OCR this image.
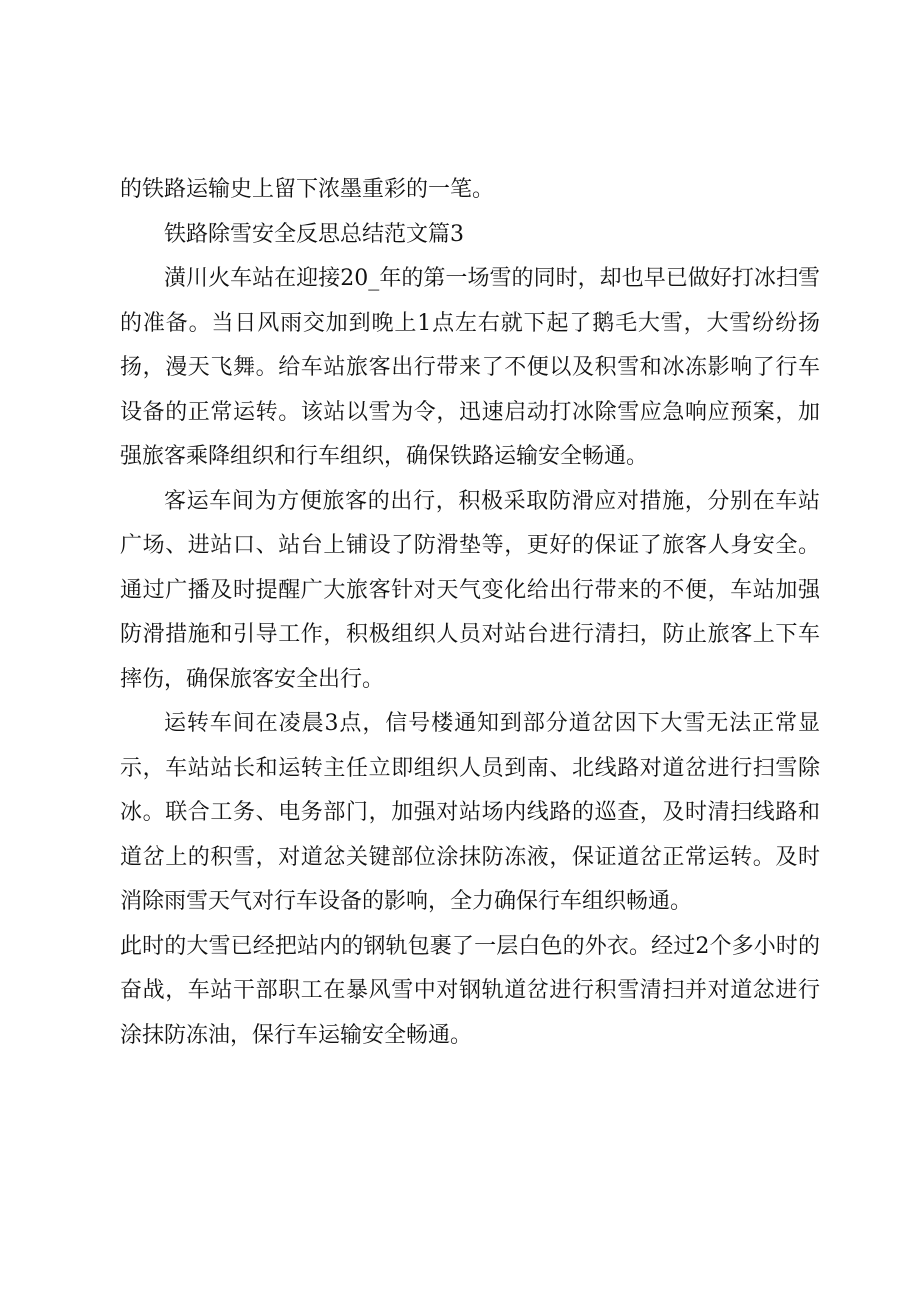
的铁路运输史上留下浓墨重彩的一笔。

铁路除雪安全反思总结范文篇3

潢川火车站在迎接20_年的第一场雪的同时，却也早已做好打冰扫雪的准备。当日风雨交加到晚上1点左右就下起了鹅毛大雪，大雪纷纷扬扬，漫天飞舞。给车站旅客出行带来了不便以及积雪和冰冻影响了行车设备的正常运转。该站以雪为令，迅速启动打冰除雪应急响应预案，加强旅客乘降组织和行车组织，确保铁路运输安全畅通。

客运车间为方便旅客的出行，积极采取防滑应对措施，分别在车站广场、进站口、站台上铺设了防滑垫等，更好的保证了旅客人身安全。通过广播及时提醒广大旅客针对天气变化给出行带来的不便，车站加强防滑措施和引导工作，积极组织人员对站台进行清扫，防止旅客上下车摔伤，确保旅客安全出行。

运转车间在凌晨3点，信号楼通知到部分道岔因下大雪无法正常显示，车站站长和运转主任立即组织人员到南、北线路对道岔进行扫雪除冰。联合工务、电务部门，加强对站场内线路的巡查，及时清扫线路和道岔上的积雪，对道忿关键部位涂抹防冻液，保证道岔正常运转。及时消除雨雪天气对行车设备的影响，全力确保行车组织畅通。

此时的大雪已经把站内的钢轨包裹了一层白色的外衣。经过2个多小时的奋战，车站干部职工在暴风雪中对钢轨道岔进行积雪清扫并对道忿进行涂抹防冻油，保行车运输安全畅通。
